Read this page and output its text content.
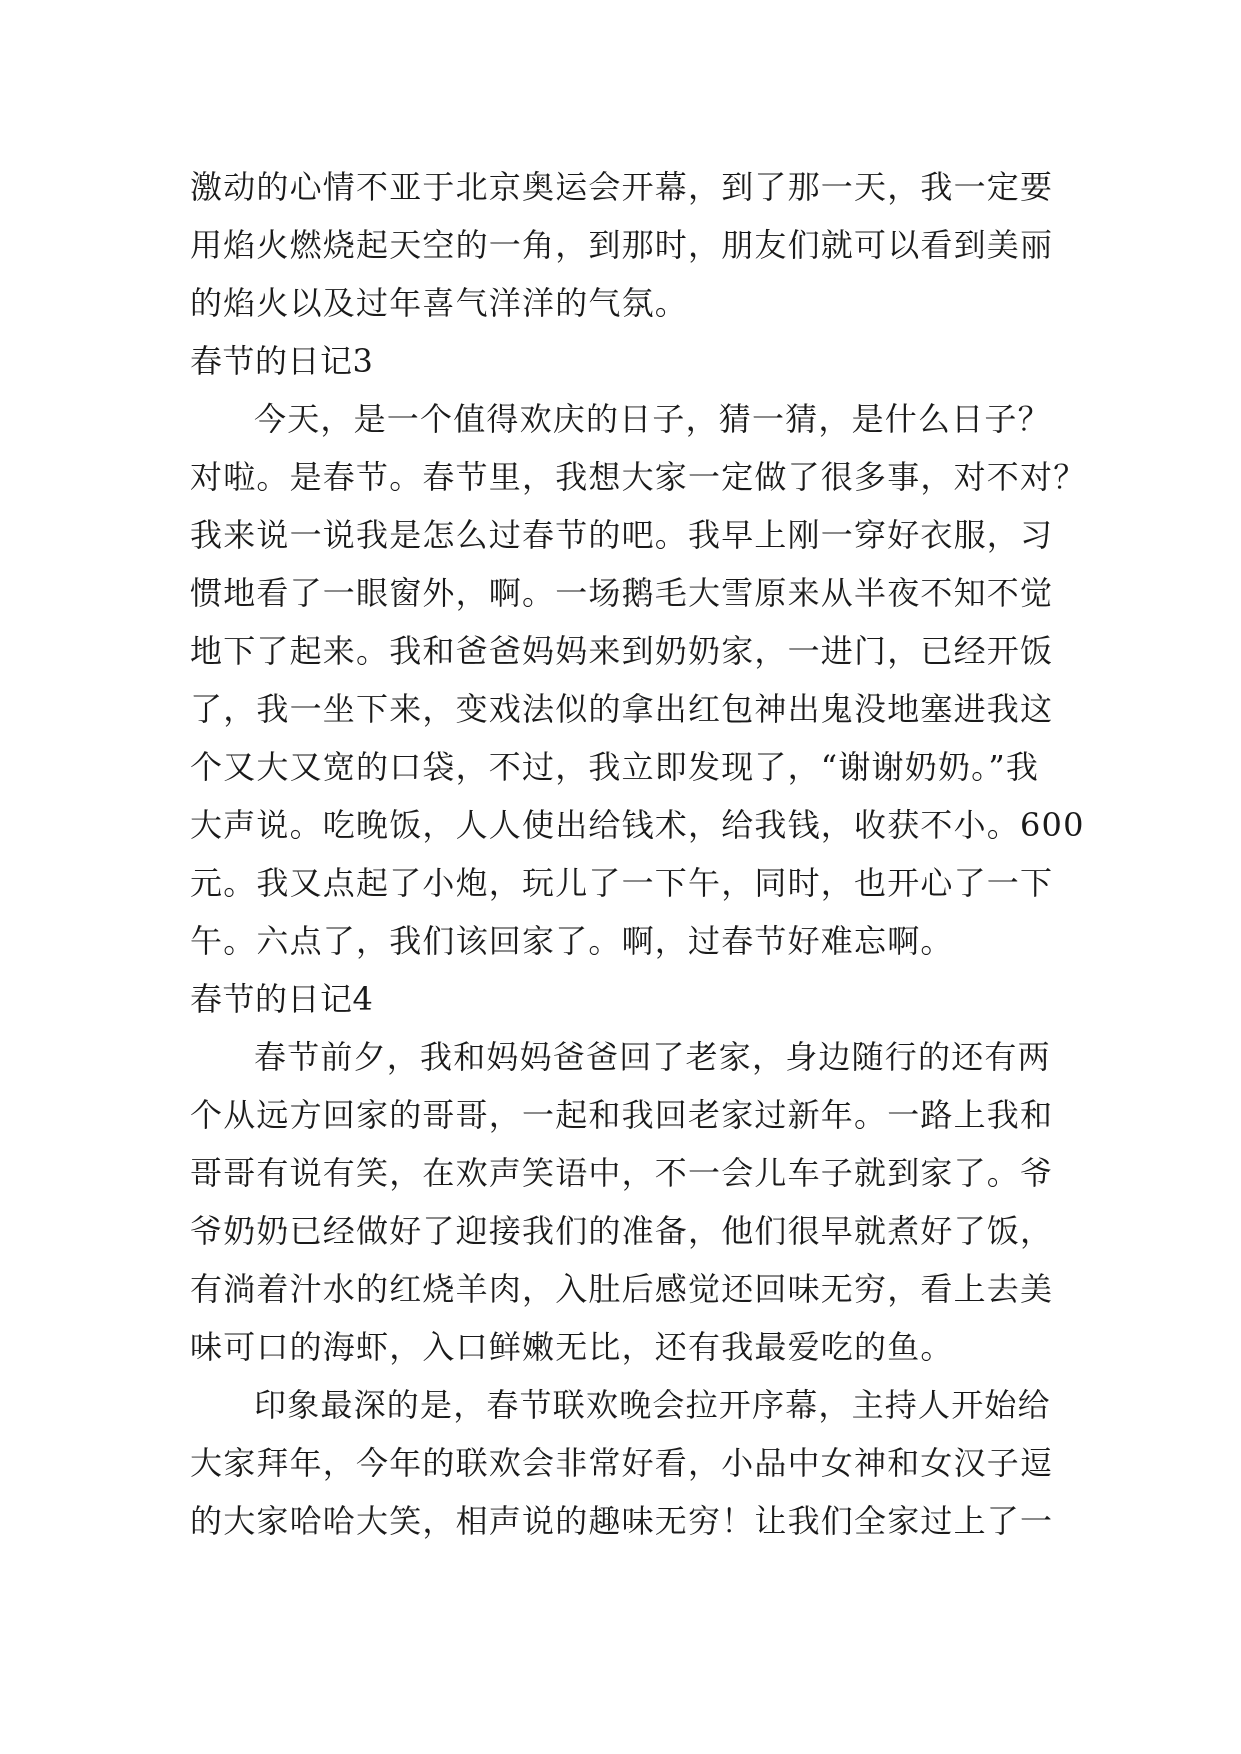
激动的心情不亚于北京奥运会开幕，到了那一天，我一定要
用焰火燃烧起天空的一角，到那时，朋友们就可以看到美丽
的焰火以及过年喜气洋洋的气氛。
春节的日记3
今天，是一个值得欢庆的日子，猜一猜，是什么日子？
对啦。是春节。春节里，我想大家一定做了很多事，对不对？
我来说一说我是怎么过春节的吧。我早上刚一穿好衣服，习
惯地看了一眼窗外，啊。一场鹅毛大雪原来从半夜不知不觉
地下了起来。我和爸爸妈妈来到奶奶家，一进门，已经开饭
了，我一坐下来，变戏法似的拿出红包神出鬼没地塞进我这
个又大又宽的口袋，不过，我立即发现了，“谢谢奶奶。”我
大声说。吃晚饭，人人使出给钱术，给我钱，收获不小。600
元。我又点起了小炮，玩儿了一下午，同时，也开心了一下
午。六点了，我们该回家了。啊，过春节好难忘啊。
春节的日记4
春节前夕，我和妈妈爸爸回了老家，身边随行的还有两
个从远方回家的哥哥，一起和我回老家过新年。一路上我和
哥哥有说有笑，在欢声笑语中，不一会儿车子就到家了。爷
爷奶奶已经做好了迎接我们的准备，他们很早就煮好了饭，
有淌着汁水的红烧羊肉，入肚后感觉还回味无穷，看上去美
味可口的海虾，入口鲜嫩无比，还有我最爱吃的鱼。
印象最深的是，春节联欢晚会拉开序幕，主持人开始给
大家拜年，今年的联欢会非常好看，小品中女神和女汉子逗
的大家哈哈大笑，相声说的趣味无穷！让我们全家过上了一
